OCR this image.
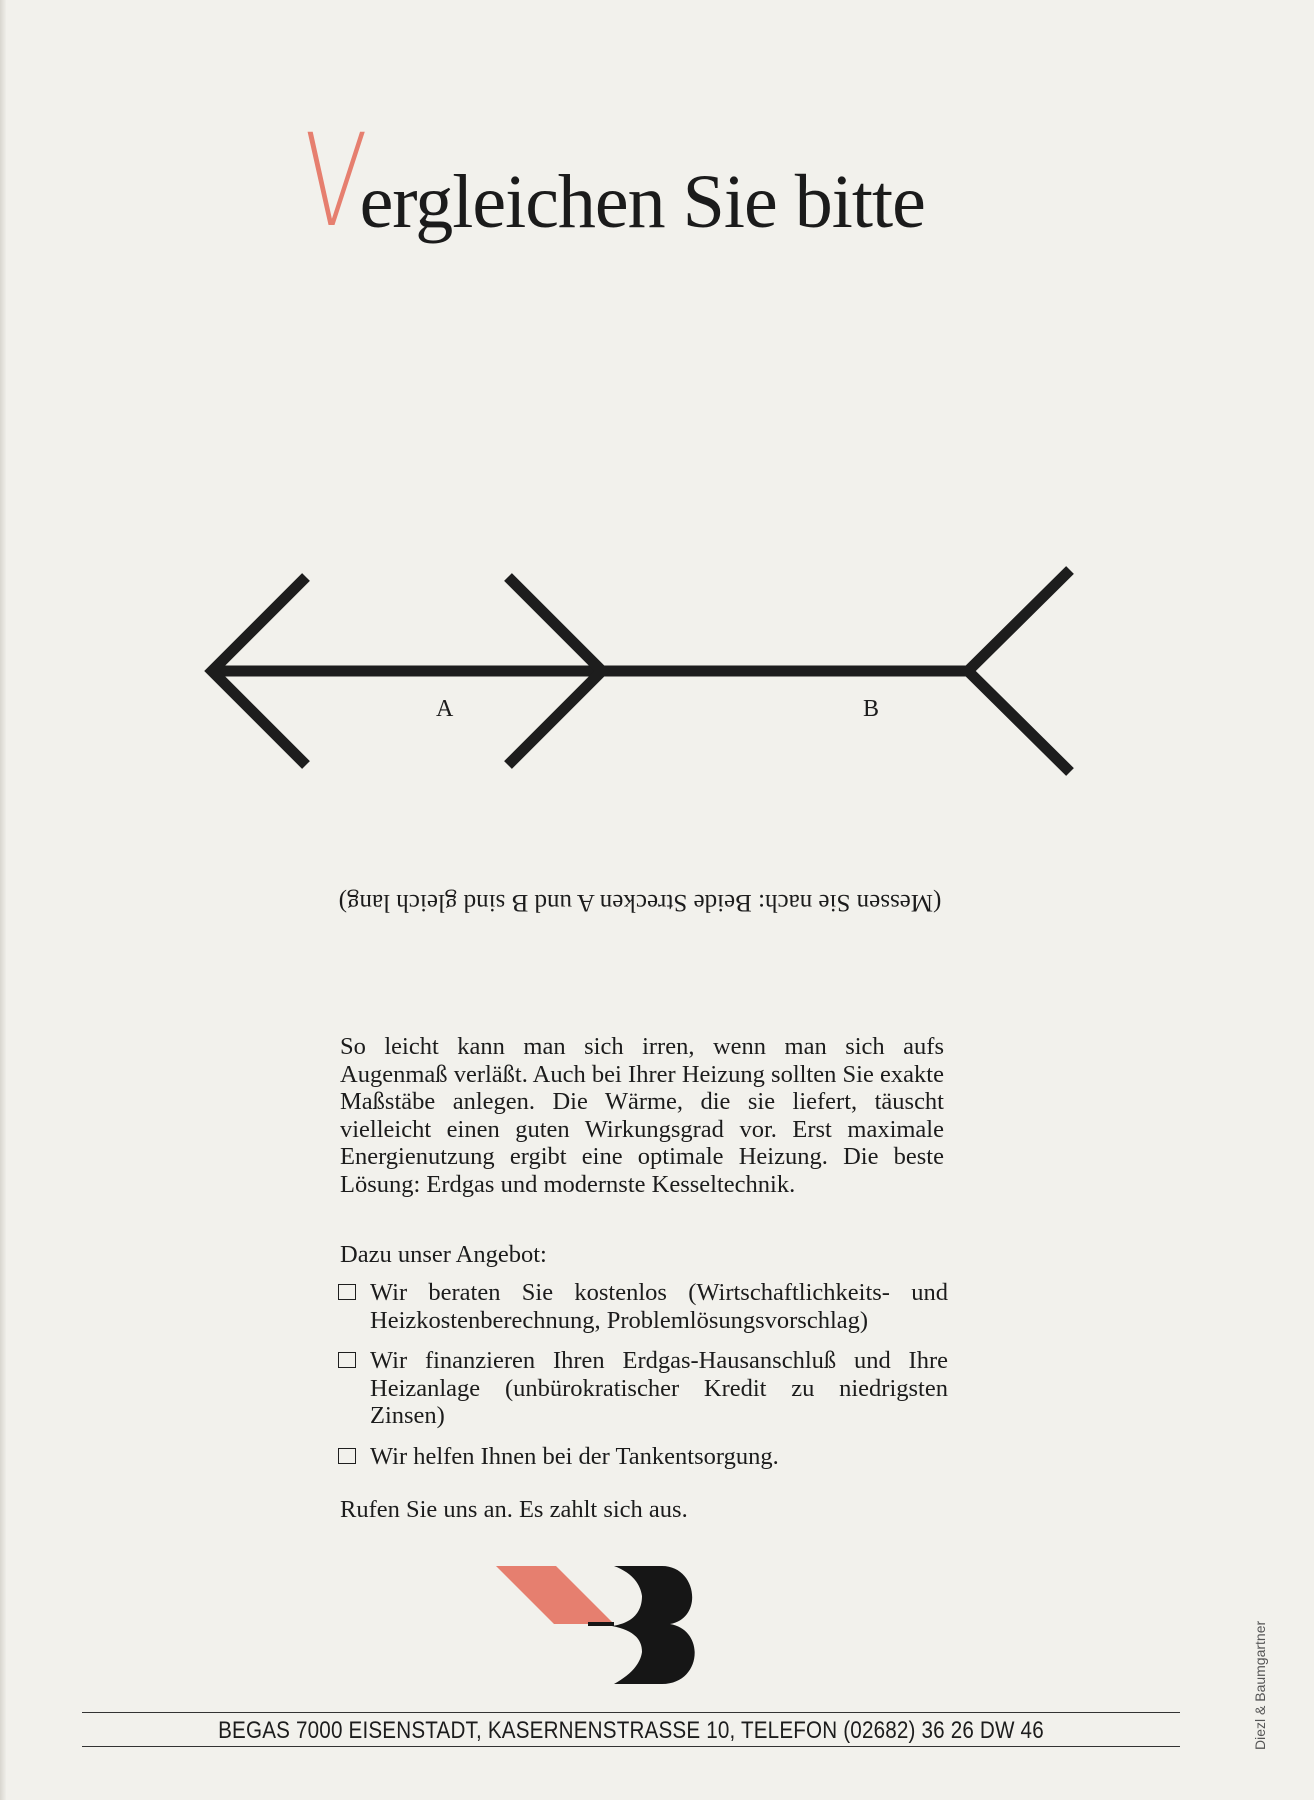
V
ergleichen Sie bitte
A	B
(Messen Sie nach: Beide Strecken A und B sind gleich lang)

So leicht kann man sich irren, wenn man sich aufs Augenmaß verläßt. Auch bei Ihrer Heizung sollten Sie exakte Maßstäbe anlegen. Die Wärme, die sie liefert, täuscht vielleicht einen guten Wirkungsgrad vor. Erst maximale Energienutzung ergibt eine optimale Heizung. Die beste Lösung: Erdgas und modernste Kesseltechnik.

Dazu unser Angebot:
Wir beraten Sie kostenlos (Wirtschaftlichkeits- und Heizkostenberechnung, Problemlösungsvorschlag)
Wir finanzieren Ihren Erdgas-Hausanschluß und Ihre Heizanlage (unbürokratischer Kredit zu niedrigsten Zinsen)
Wir helfen Ihnen bei der Tankentsorgung.
Rufen Sie uns an. Es zahlt sich aus.
BEGAS 7000 EISENSTADT, KASERNENSTRASSE 10, TELEFON (02682) 36 26 DW 46	Diezl & Baumgartner
